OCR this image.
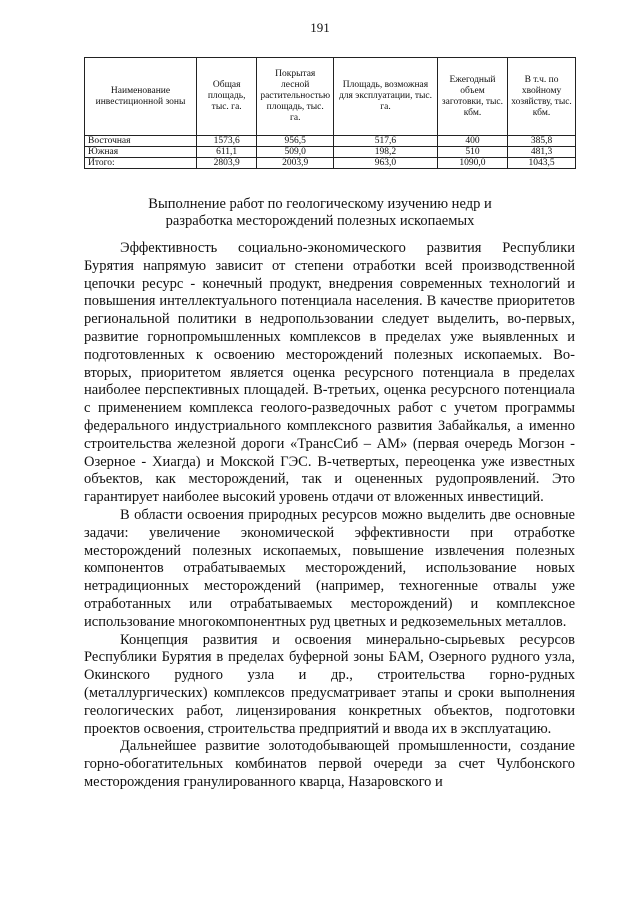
191
Наименование инвестиционной зоны	Общая площадь, тыс. га.	Покрытая лесной растительностью площадь, тыс. га.	Площадь, возможная для эксплуатации, тыс. га.	Ежегодный объем заготовки, тыс. кбм.	В т.ч. по хвойному хозяйству, тыс. кбм.
Восточная	1573,6	956,5	517,6	400	385,8
Южная	611,1	509,0	198,2	510	481,3
Итого:	2803,9	2003,9	963,0	1090,0	1043,5
Выполнение работ по геологическому изучению недр и
разработка месторождений полезных ископаемых

Эффективность социально-экономического развития Республики Бурятия напрямую зависит от степени отработки всей производственной цепочки ресурс - конечный продукт, внедрения современных технологий и повышения интеллектуального потенциала населения. В качестве приоритетов региональной политики в недропользовании следует выделить, во-первых, развитие горнопромышленных комплексов в пределах уже выявленных и подготовленных к освоению месторождений полезных ископаемых. Во-вторых, приоритетом является оценка ресурсного потенциала в пределах наиболее перспективных площадей. В-третьих, оценка ресурсного потенциала с применением комплекса геолого-разведочных работ с учетом программы федерального индустриального комплексного развития Забайкалья, а именно строительства железной дороги «ТрансСиб – АМ» (первая очередь Могзон - Озерное - Хиагда) и Мокской ГЭС. В-четвертых, переоценка уже известных объектов, как месторождений, так и оцененных рудопроявлений. Это гарантирует наиболее высокий уровень отдачи от вложенных инвестиций.

В области освоения природных ресурсов можно выделить две основные задачи: увеличение экономической эффективности при отработке месторождений полезных ископаемых, повышение извлечения полезных компонентов отрабатываемых месторождений, использование новых нетрадиционных месторождений (например, техногенные отвалы уже отработанных или отрабатываемых месторождений) и комплексное использование многокомпонентных руд цветных и редкоземельных металлов.

Концепция развития и освоения минерально-сырьевых ресурсов Республики Бурятия в пределах буферной зоны БАМ, Озерного рудного узла, Окинского рудного узла и др., строительства горно-рудных (металлургических) комплексов предусматривает этапы и сроки выполнения геологических работ, лицензирования конкретных объектов, подготовки проектов освоения, строительства предприятий и ввода их в эксплуатацию.

Дальнейшее развитие золотодобывающей промышленности, создание горно-обогатительных комбинатов первой очереди за счет Чулбонского месторождения гранулированного кварца, Назаровского и
